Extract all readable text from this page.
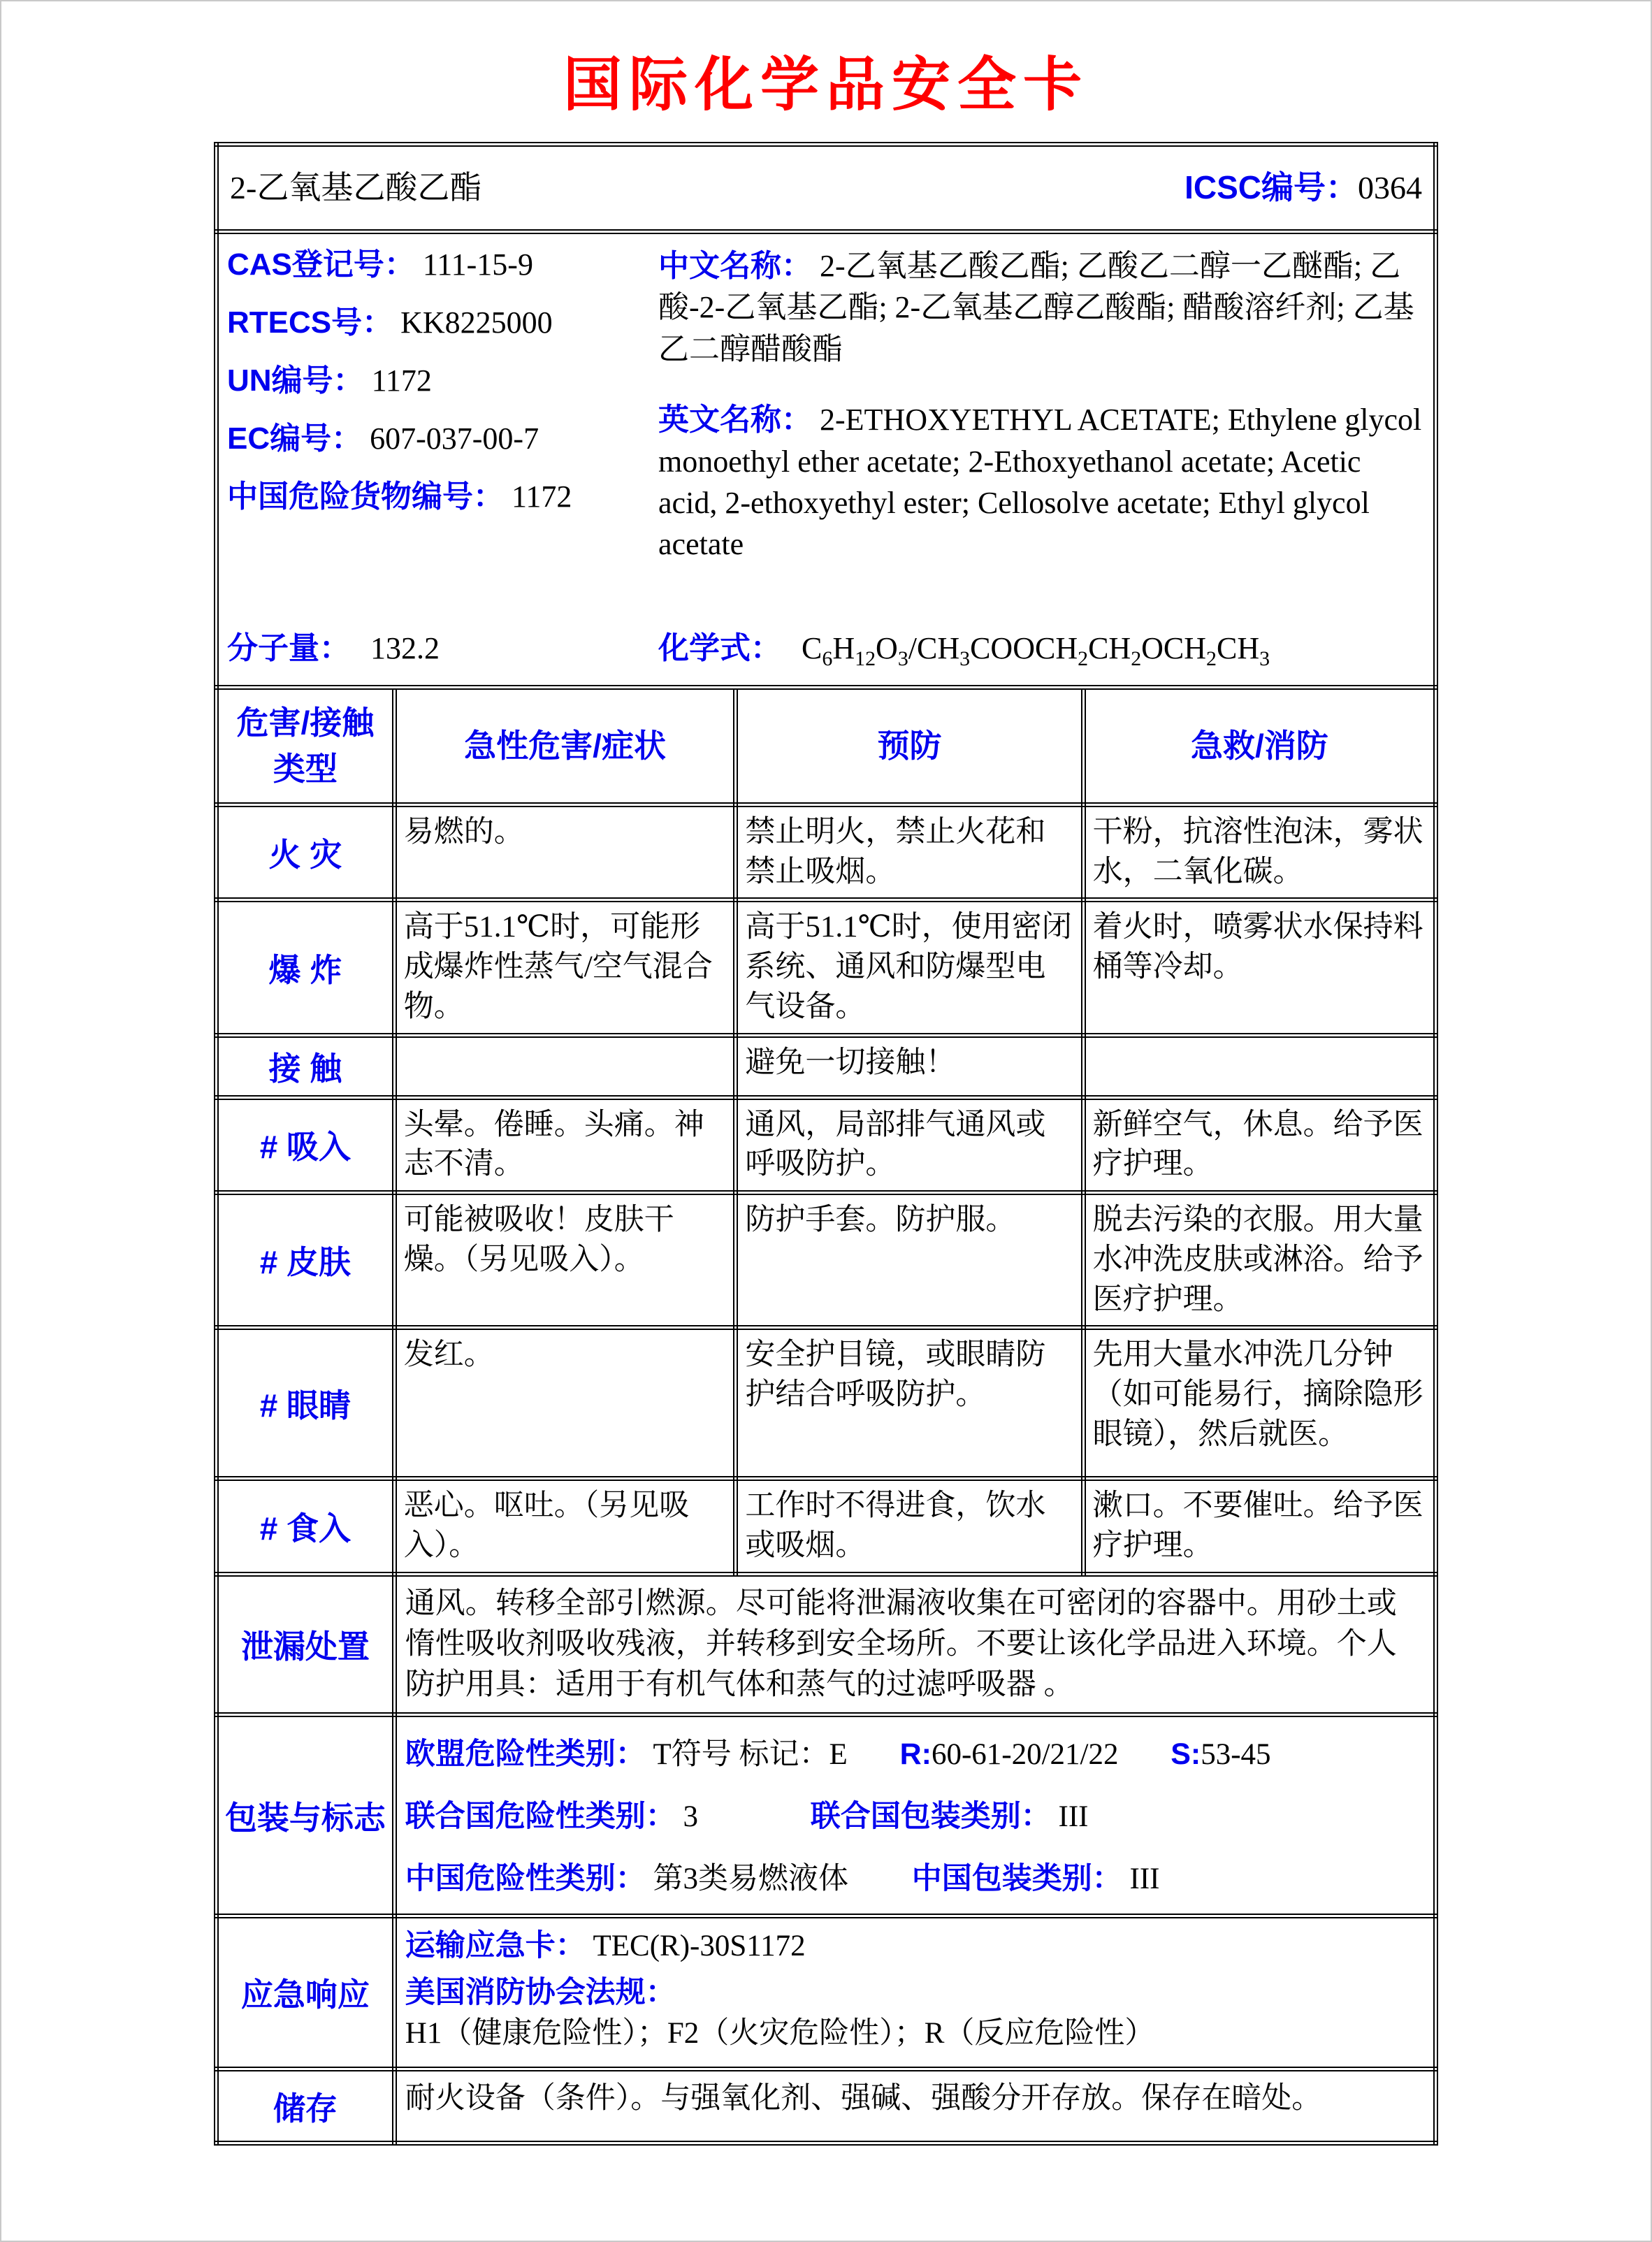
国际化学品安全卡
2-乙氧基乙酸乙酯 ICSC编号：0364			

CAS登记号： 111-15-9
RTECS号： KK8225000
UN编号： 1172
EC编号： 607-037-00-7
中国危险货物编号： 1172

中文名称： 2-乙氧基乙酸乙酯; 乙酸乙二醇一乙醚酯; 乙酸-2-乙氧基乙酯; 2-乙氧基乙醇乙酸酯; 醋酸溶纤剂; 乙基乙二醇醋酸酯

英文名称： 2-ETHOXYETHYL ACETATE; Ethylene glycol monoethyl ether acetate; 2-Ethoxyethanol acetate; Acetic acid, 2-ethoxyethyl ester; Cellosolve acetate; Ethyl glycol acetate

分子量： 132.2	化学式： $C_6H_{12}O_3/CH_3COOCH_2CH_2OCH_2CH_3$

危害/接触
类型	急性危害/症状	预防	急救/消防
火 灾	易燃的。	禁止明火，禁止火花和禁止吸烟。	干粉，抗溶性泡沫，雾状水，二氧化碳。
爆 炸	高于51.1℃时，可能形成爆炸性蒸气/空气混合物。	高于51.1℃时，使用密闭系统、通风和防爆型电气设备。	着火时，喷雾状水保持料桶等冷却。
接 触		避免一切接触！	
# 吸入	头晕。倦睡。头痛。神志不清。	通风，局部排气通风或呼吸防护。	新鲜空气，休息。给予医疗护理。
# 皮肤	可能被吸收！皮肤干燥。（另见吸入）。	防护手套。防护服。	脱去污染的衣服。用大量水冲洗皮肤或淋浴。给予医疗护理。
# 眼睛	发红。	安全护目镜，或眼睛防护结合呼吸防护。	先用大量水冲洗几分钟（如可能易行，摘除隐形眼镜），然后就医。
# 食入	恶心。呕吐。（另见吸入）。	工作时不得进食，饮水或吸烟。	漱口。不要催吐。给予医疗护理。
泄漏处置	通风。转移全部引燃源。尽可能将泄漏液收集在可密闭的容器中。用砂土或惰性吸收剂吸收残液，并转移到安全场所。不要让该化学品进入环境。个人防护用具：适用于有机气体和蒸气的过滤呼吸器 。		
包装与标志	欧盟危险性类别： T符号 标记：E R:60-61-20/21/22 S:53-45
联合国危险性类别： 3 联合国包装类别： III
中国危险性类别： 第3类易燃液体 中国包装类别： III		

应急响应	运输应急卡： TEC(R)-30S1172
美国消防协会法规： H1（健康危险性）；F2（火灾危险性）；R（反应危险性）		

储存	耐火设备（条件）。与强氧化剂、强碱、强酸分开存放。保存在暗处。		
